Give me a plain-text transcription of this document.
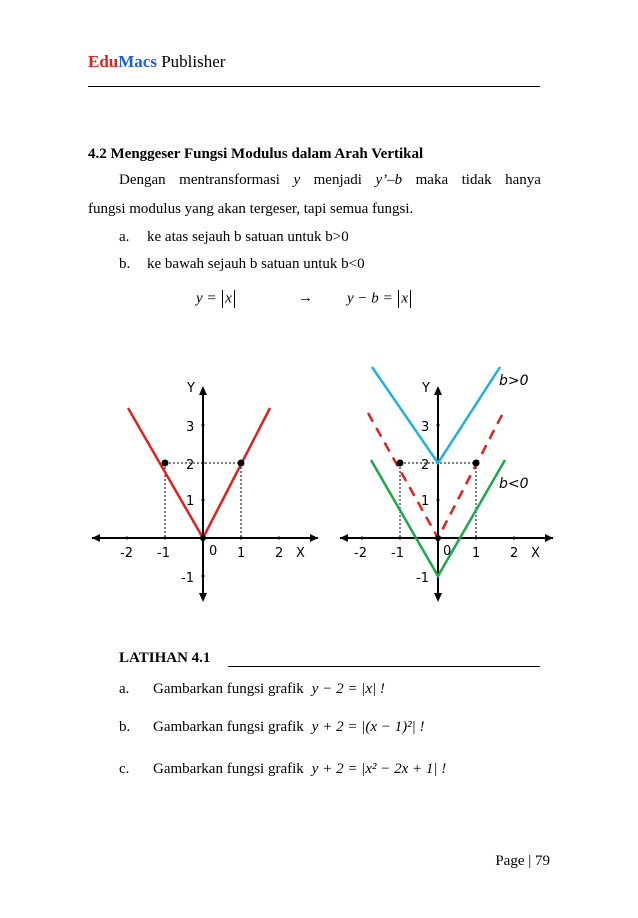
EduMacs Publisher
4.2 Menggeser Fungsi Modulus dalam Arah Vertikal
Dengan mentransformasi y menjadi y’–b maka tidak hanya
fungsi modulus yang akan tergeser, tapi semua fungsi.
a. ke atas sejauh b satuan untuk b>0
b. ke bawah sejauh b satuan untuk b<0
y = x	→ y − b = x
Y
X
-2 -1	0 1 2
3
2
1
-1
Y
X
-2 -1	0 1 2
3
2
1
-1
b>0
b<0
LATIHAN 4.1
a. Gambarkan fungsi grafik y − 2 = |x| !
b. Gambarkan fungsi grafik y + 2 = |(x − 1)²| !
c. Gambarkan fungsi grafik y + 2 = |x² − 2x + 1| !
Page | 79
